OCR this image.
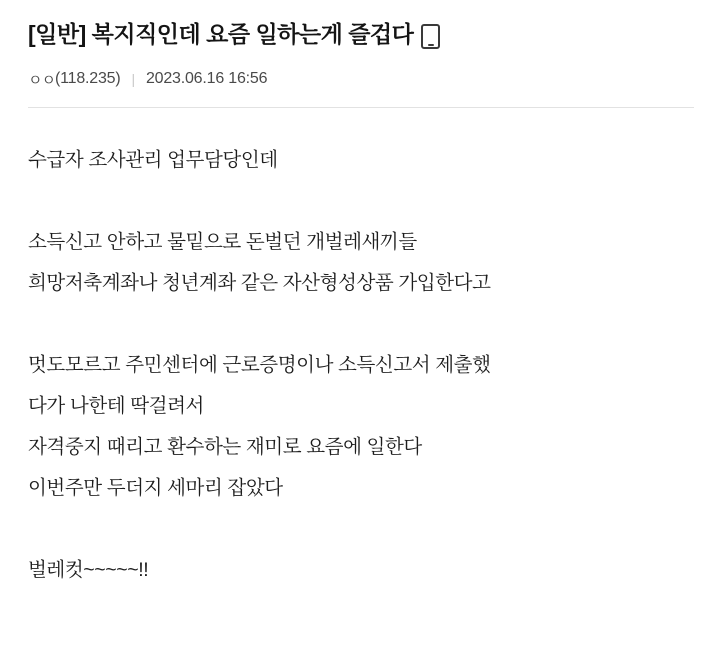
[일반] 복지직인데 요즘 일하는게 즐겁다
ㅇㅇ (118.235) | 2023.06.16 16:56

수급자 조사관리 업무담당인데

소득신고 안하고 물밑으로 돈벌던 개벌레새끼들

희망저축계좌나 청년계좌 같은 자산형성상품 가입한다고

멋도모르고 주민센터에 근로증명이나 소득신고서 제출했

다가 나한테 딱걸려서

자격중지 때리고 환수하는 재미로 요즘에 일한다

이번주만 두더지 세마리 잡았다

벌레컷~~~~~!!
